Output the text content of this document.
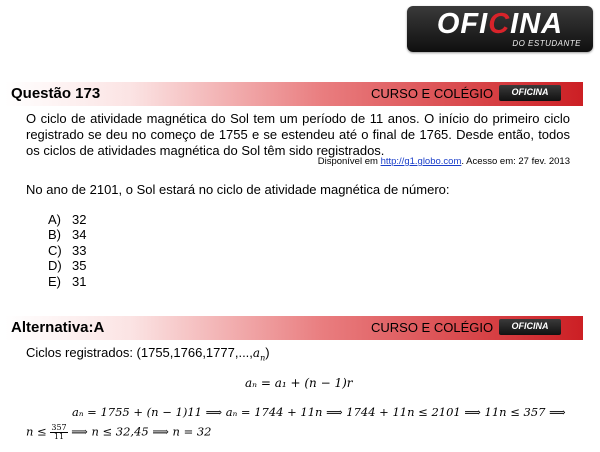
OFICINA
DO ESTUDANTE
Questão 173	CURSO E COLÉGIO	OFICINA
O ciclo de atividade magnética do Sol tem um período de 11 anos. O início do primeiro ciclo registrado se deu no começo de 1755 e se estendeu até o final de 1765. Desde então, todos os ciclos de atividades magnética do Sol têm sido registrados.
Disponível em http://g1.globo.com. Acesso em: 27 fev. 2013
No ano de 2101, o Sol estará no ciclo de atividade magnética de número:
A) 32
B) 34
C) 33
D) 35
E) 31
Alternativa:A	CURSO E COLÉGIO	OFICINA
Ciclos registrados: $(1755,1766,1777,...,a_n)$
aₙ = a₁ + (n − 1)r
aₙ = 1755 + (n − 1)11 ⟹ aₙ = 1744 + 11n ⟹ 1744 + 11n ≤ 2101 ⟹ 11n ≤ 357 ⟹
$n \le \frac{357}{11}$ ⟹ n ≤ 32,45 ⟹ n = 32
